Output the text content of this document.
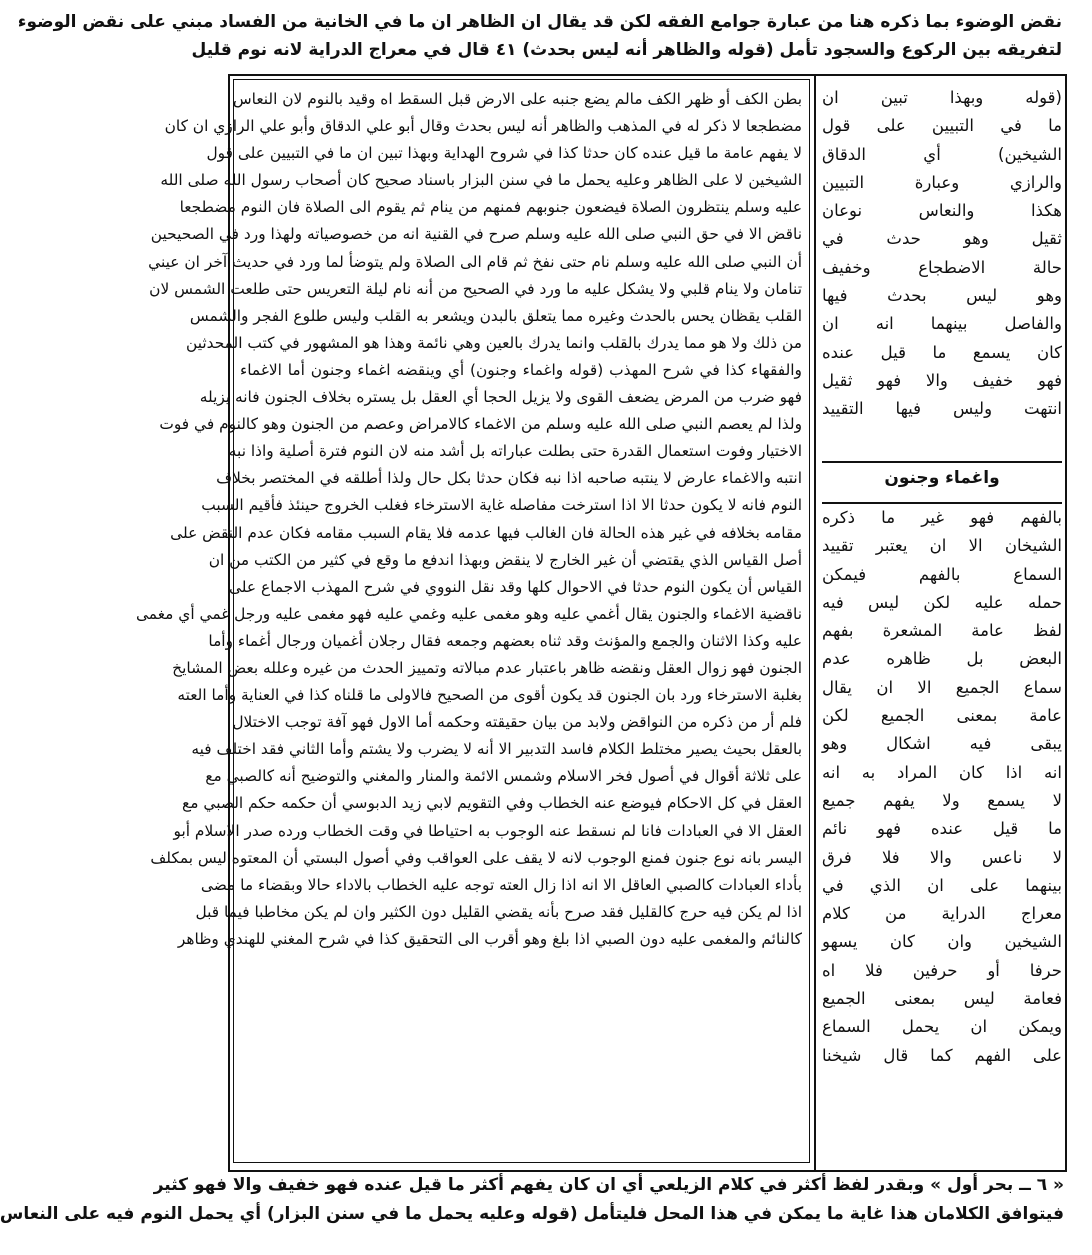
نقض الوضوء بما ذكره هنا من عبارة جوامع الفقه لكن قد يقال ان الظاهر ان ما في الخانية من الفساد مبني على نقض الوضوء
لتفريقه بين الركوع والسجود تأمل (قوله والظاهر أنه ليس بحدث) ٤١ قال في معراج الدراية لانه نوم قليل
بطن الكف أو ظهر الكف مالم يضع جنبه على الارض قبل السقط اه وقيد بالنوم لان النعاس
مضطجعا لا ذكر له في المذهب والظاهر أنه ليس بحدث وقال أبو علي الدقاق وأبو علي الرازي ان كان
لا يفهم عامة ما قيل عنده كان حدثا كذا في شروح الهداية وبهذا تبين ان ما في التبيين على قول
الشيخين لا على الظاهر وعليه يحمل ما في سنن البزار باسناد صحيح كان أصحاب رسول الله صلى الله
عليه وسلم ينتظرون الصلاة فيضعون جنوبهم فمنهم من ينام ثم يقوم الى الصلاة فان النوم مضطجعا
ناقض الا في حق النبي صلى الله عليه وسلم صرح في القنية انه من خصوصياته ولهذا ورد في الصحيحين
أن النبي صلى الله عليه وسلم نام حتى نفخ ثم قام الى الصلاة ولم يتوضأ لما ورد في حديث آخر ان عيني
تنامان ولا ينام قلبي ولا يشكل عليه ما ورد في الصحيح من أنه نام ليلة التعريس حتى طلعت الشمس لان
القلب يقظان يحس بالحدث وغيره مما يتعلق بالبدن ويشعر به القلب وليس طلوع الفجر والشمس
من ذلك ولا هو مما يدرك بالقلب وانما يدرك بالعين وهي نائمة وهذا هو المشهور في كتب المحدثين
والفقهاء كذا في شرح المهذب (قوله واغماء وجنون) أي وينقضه اغماء وجنون أما الاغماء
فهو ضرب من المرض يضعف القوى ولا يزيل الحجا أي العقل بل يستره بخلاف الجنون فانه يزيله
ولذا لم يعصم النبي صلى الله عليه وسلم من الاغماء كالامراض وعصم من الجنون وهو كالنوم في فوت
الاختيار وفوت استعمال القدرة حتى بطلت عباراته بل أشد منه لان النوم فترة أصلية واذا نبه
انتبه والاغماء عارض لا ينتبه صاحبه اذا نبه فكان حدثا بكل حال ولذا أطلقه في المختصر بخلاف
النوم فانه لا يكون حدثا الا اذا استرخت مفاصله غاية الاسترخاء فغلب الخروج حينئذ فأقيم السبب
مقامه بخلافه في غير هذه الحالة فان الغالب فيها عدمه فلا يقام السبب مقامه فكان عدم النقض على
أصل القياس الذي يقتضي أن غير الخارج لا ينقض وبهذا اندفع ما وقع في كثير من الكتب من ان
القياس أن يكون النوم حدثا في الاحوال كلها وقد نقل النووي في شرح المهذب الاجماع على
ناقضية الاغماء والجنون يقال أغمي عليه وهو مغمى عليه وغمي عليه فهو مغمى عليه ورجل غمي أي مغمى
عليه وكذا الاثنان والجمع والمؤنث وقد ثناه بعضهم وجمعه فقال رجلان أغميان ورجال أغماء وأما
الجنون فهو زوال العقل ونقضه ظاهر باعتبار عدم مبالاته وتمييز الحدث من غيره وعلله بعض المشايخ
بغلبة الاسترخاء ورد بان الجنون قد يكون أقوى من الصحيح فالاولى ما قلناه كذا في العناية وأما العته
فلم أر من ذكره من النواقض ولابد من بيان حقيقته وحكمه أما الاول فهو آفة توجب الاختلال
بالعقل بحيث يصير مختلط الكلام فاسد التدبير الا أنه لا يضرب ولا يشتم وأما الثاني فقد اختلف فيه
على ثلاثة أقوال في أصول فخر الاسلام وشمس الائمة والمنار والمغني والتوضيح أنه كالصبي مع
العقل في كل الاحكام فيوضع عنه الخطاب وفي التقويم لابي زيد الدبوسي أن حكمه حكم الصبي مع
العقل الا في العبادات فانا لم نسقط عنه الوجوب به احتياطا في وقت الخطاب ورده صدر الاسلام أبو
اليسر بانه نوع جنون فمنع الوجوب لانه لا يقف على العواقب وفي أصول البستي أن المعتوه ليس بمكلف
بأداء العبادات كالصبي العاقل الا انه اذا زال العته توجه عليه الخطاب بالاداء حالا وبقضاء ما مضى
اذا لم يكن فيه حرج كالقليل فقد صرح بأنه يقضي القليل دون الكثير وان لم يكن مخاطبا فيما قبل
كالنائم والمغمى عليه دون الصبي اذا بلغ وهو أقرب الى التحقيق كذا في شرح المغني للهندي وظاهر
(قوله وبهذا تبين ان
ما في التبيين على قول
الشيخين) أي الدقاق
والرازي وعبارة التبيين
هكذا والنعاس نوعان
ثقيل وهو حدث في
حالة الاضطجاع وخفيف
وهو ليس بحدث فيها
والفاصل بينهما انه ان
كان يسمع ما قيل عنده
فهو خفيف والا فهو ثقيل
انتهت وليس فيها التقييد
واغماء وجنون
بالفهم فهو غير ما ذكره
الشيخان الا ان يعتبر تقييد
السماع بالفهم فيمكن
حمله عليه لكن ليس فيه
لفظ عامة المشعرة بفهم
البعض بل ظاهره عدم
سماع الجميع الا ان يقال
عامة بمعنى الجميع لكن
يبقى فيه اشكال وهو
انه اذا كان المراد به انه
لا يسمع ولا يفهم جميع
ما قيل عنده فهو نائم
لا ناعس والا فلا فرق
بينهما على ان الذي في
معراج الدراية من كلام
الشيخين وان كان يسهو
حرفا أو حرفين فلا اه
فعامة ليس بمعنى الجميع
ويمكن ان يحمل السماع
على الفهم كما قال شيخنا
« ٦ ــ بحر أول » وبقدر لفظ أكثر في كلام الزيلعي أي ان كان يفهم أكثر ما قيل عنده فهو خفيف والا فهو كثير
فيتوافق الكلامان هذا غاية ما يمكن في هذا المحل فليتأمل (قوله وعليه يحمل ما في سنن البزار) أي يحمل النوم فيه على النعاس
